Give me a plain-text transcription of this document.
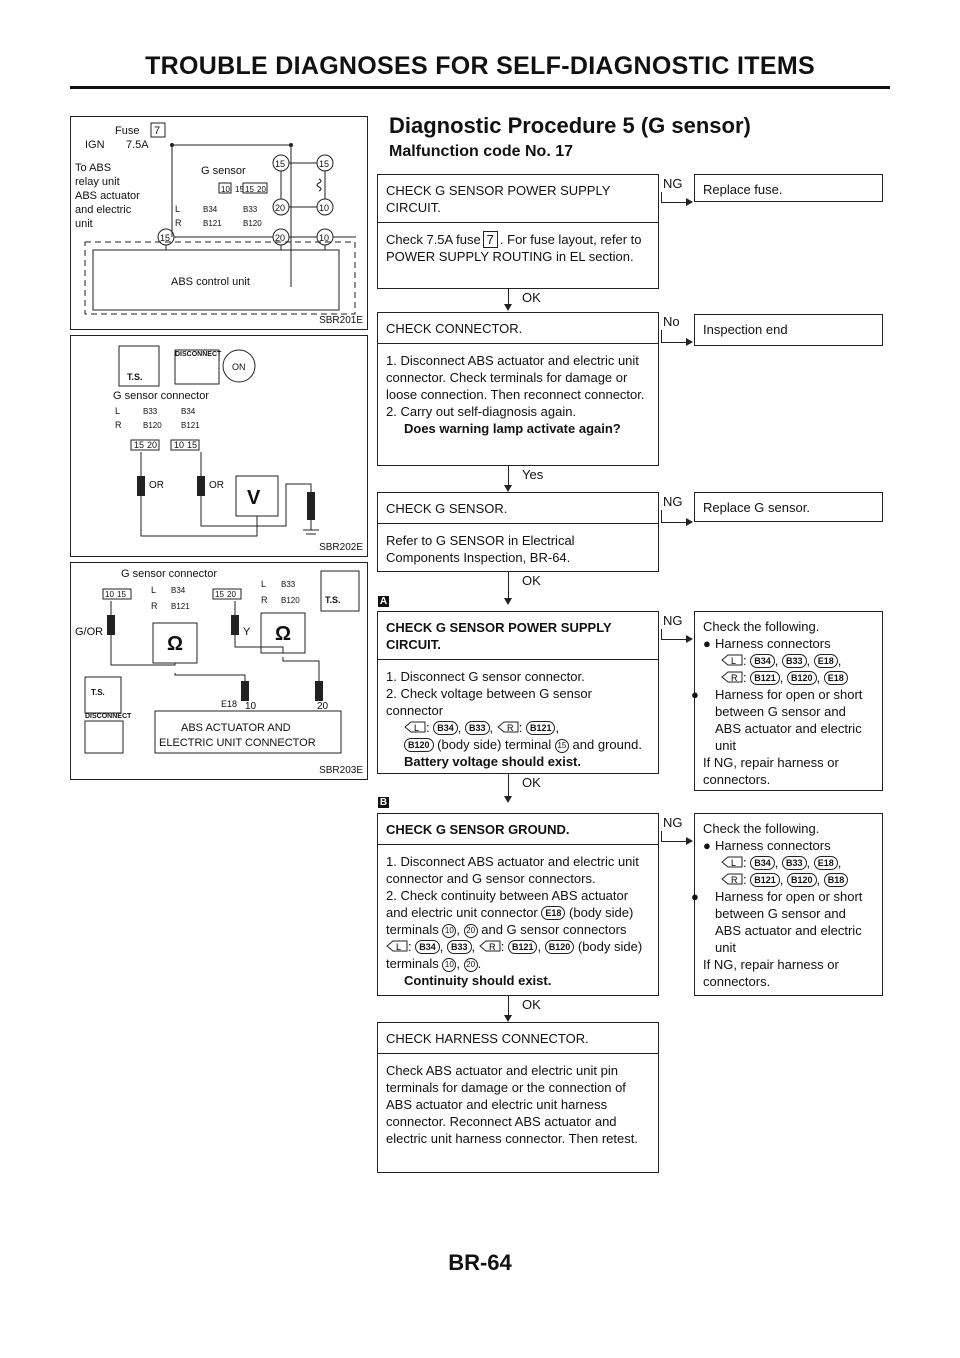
TROUBLE DIAGNOSES FOR SELF-DIAGNOSTIC ITEMS
Fuse 7
IGN 7.5A
To ABS
relay unit
ABS actuator
and electric
unit
G sensor
ABS control unit
10 15 15 20
15	15
20	10
15	20	10
L	B34	B33
R	B121	B120
SBR201E
DISCONNECT
T.S.
ON
G sensor connector
L	B33	B34
R	B120 B121
15 20 10 15
OR	OR
V
SBR202E
G sensor connector
10 15	15 20
L B34
R B121
L B33
R B120	T.S.
G/OR	Y
Ω	Ω
T.S.
DISCONNECT
E18 10	20
ABS ACTUATOR AND
ELECTRIC UNIT CONNECTOR
SBR203E
Diagnostic Procedure 5 (G sensor)
Malfunction code No. 17
CHECK G SENSOR POWER SUPPLY CIRCUIT.
Check 7.5A fuse 7 . For fuse layout, refer to POWER SUPPLY ROUTING in EL section.
NG	Replace fuse.
OK
CHECK CONNECTOR.
1. Disconnect ABS actuator and electric unit connector. Check terminals for damage or loose connection. Then reconnect connector.
2. Carry out self-diagnosis again.
Does warning lamp activate again?
No
Inspection end
Yes
CHECK G SENSOR.
Refer to G SENSOR in Electrical Components Inspection, BR-64.
NG	Replace G sensor.
OK
A
CHECK G SENSOR POWER SUPPLY CIRCUIT.
1. Disconnect G sensor connector.
2. Check voltage between G sensor connector
L : B34 , B33 , R : B121 ,
B120 (body side) terminal 15 and ground.
Battery voltage should exist.
NG Check the following.
● Harness connectors
L : B34 , B33 , E18 ,
R : B121 , B120 , E18
● Harness for open or short between G sensor and ABS actuator and electric unit
If NG, repair harness or connectors.
OK
B
CHECK G SENSOR GROUND.
1. Disconnect ABS actuator and electric unit connector and G sensor connectors.
2. Check continuity between ABS actuator and electric unit connector E18 (body side) terminals 10 , 20 and G sensor connectors
L : B34 , B33 , R : B121 , B120 (body side) terminals 10 , 20 .
Continuity should exist.
NG Check the following.
● Harness connectors
L : B34 , B33 , E18 ,
R : B121 , B120 , B18
● Harness for open or short between G sensor and ABS actuator and electric unit
If NG, repair harness or connectors.
OK
CHECK HARNESS CONNECTOR.
Check ABS actuator and electric unit pin terminals for damage or the connection of ABS actuator and electric unit harness connector. Reconnect ABS actuator and electric unit harness connector. Then retest.
BR-64
